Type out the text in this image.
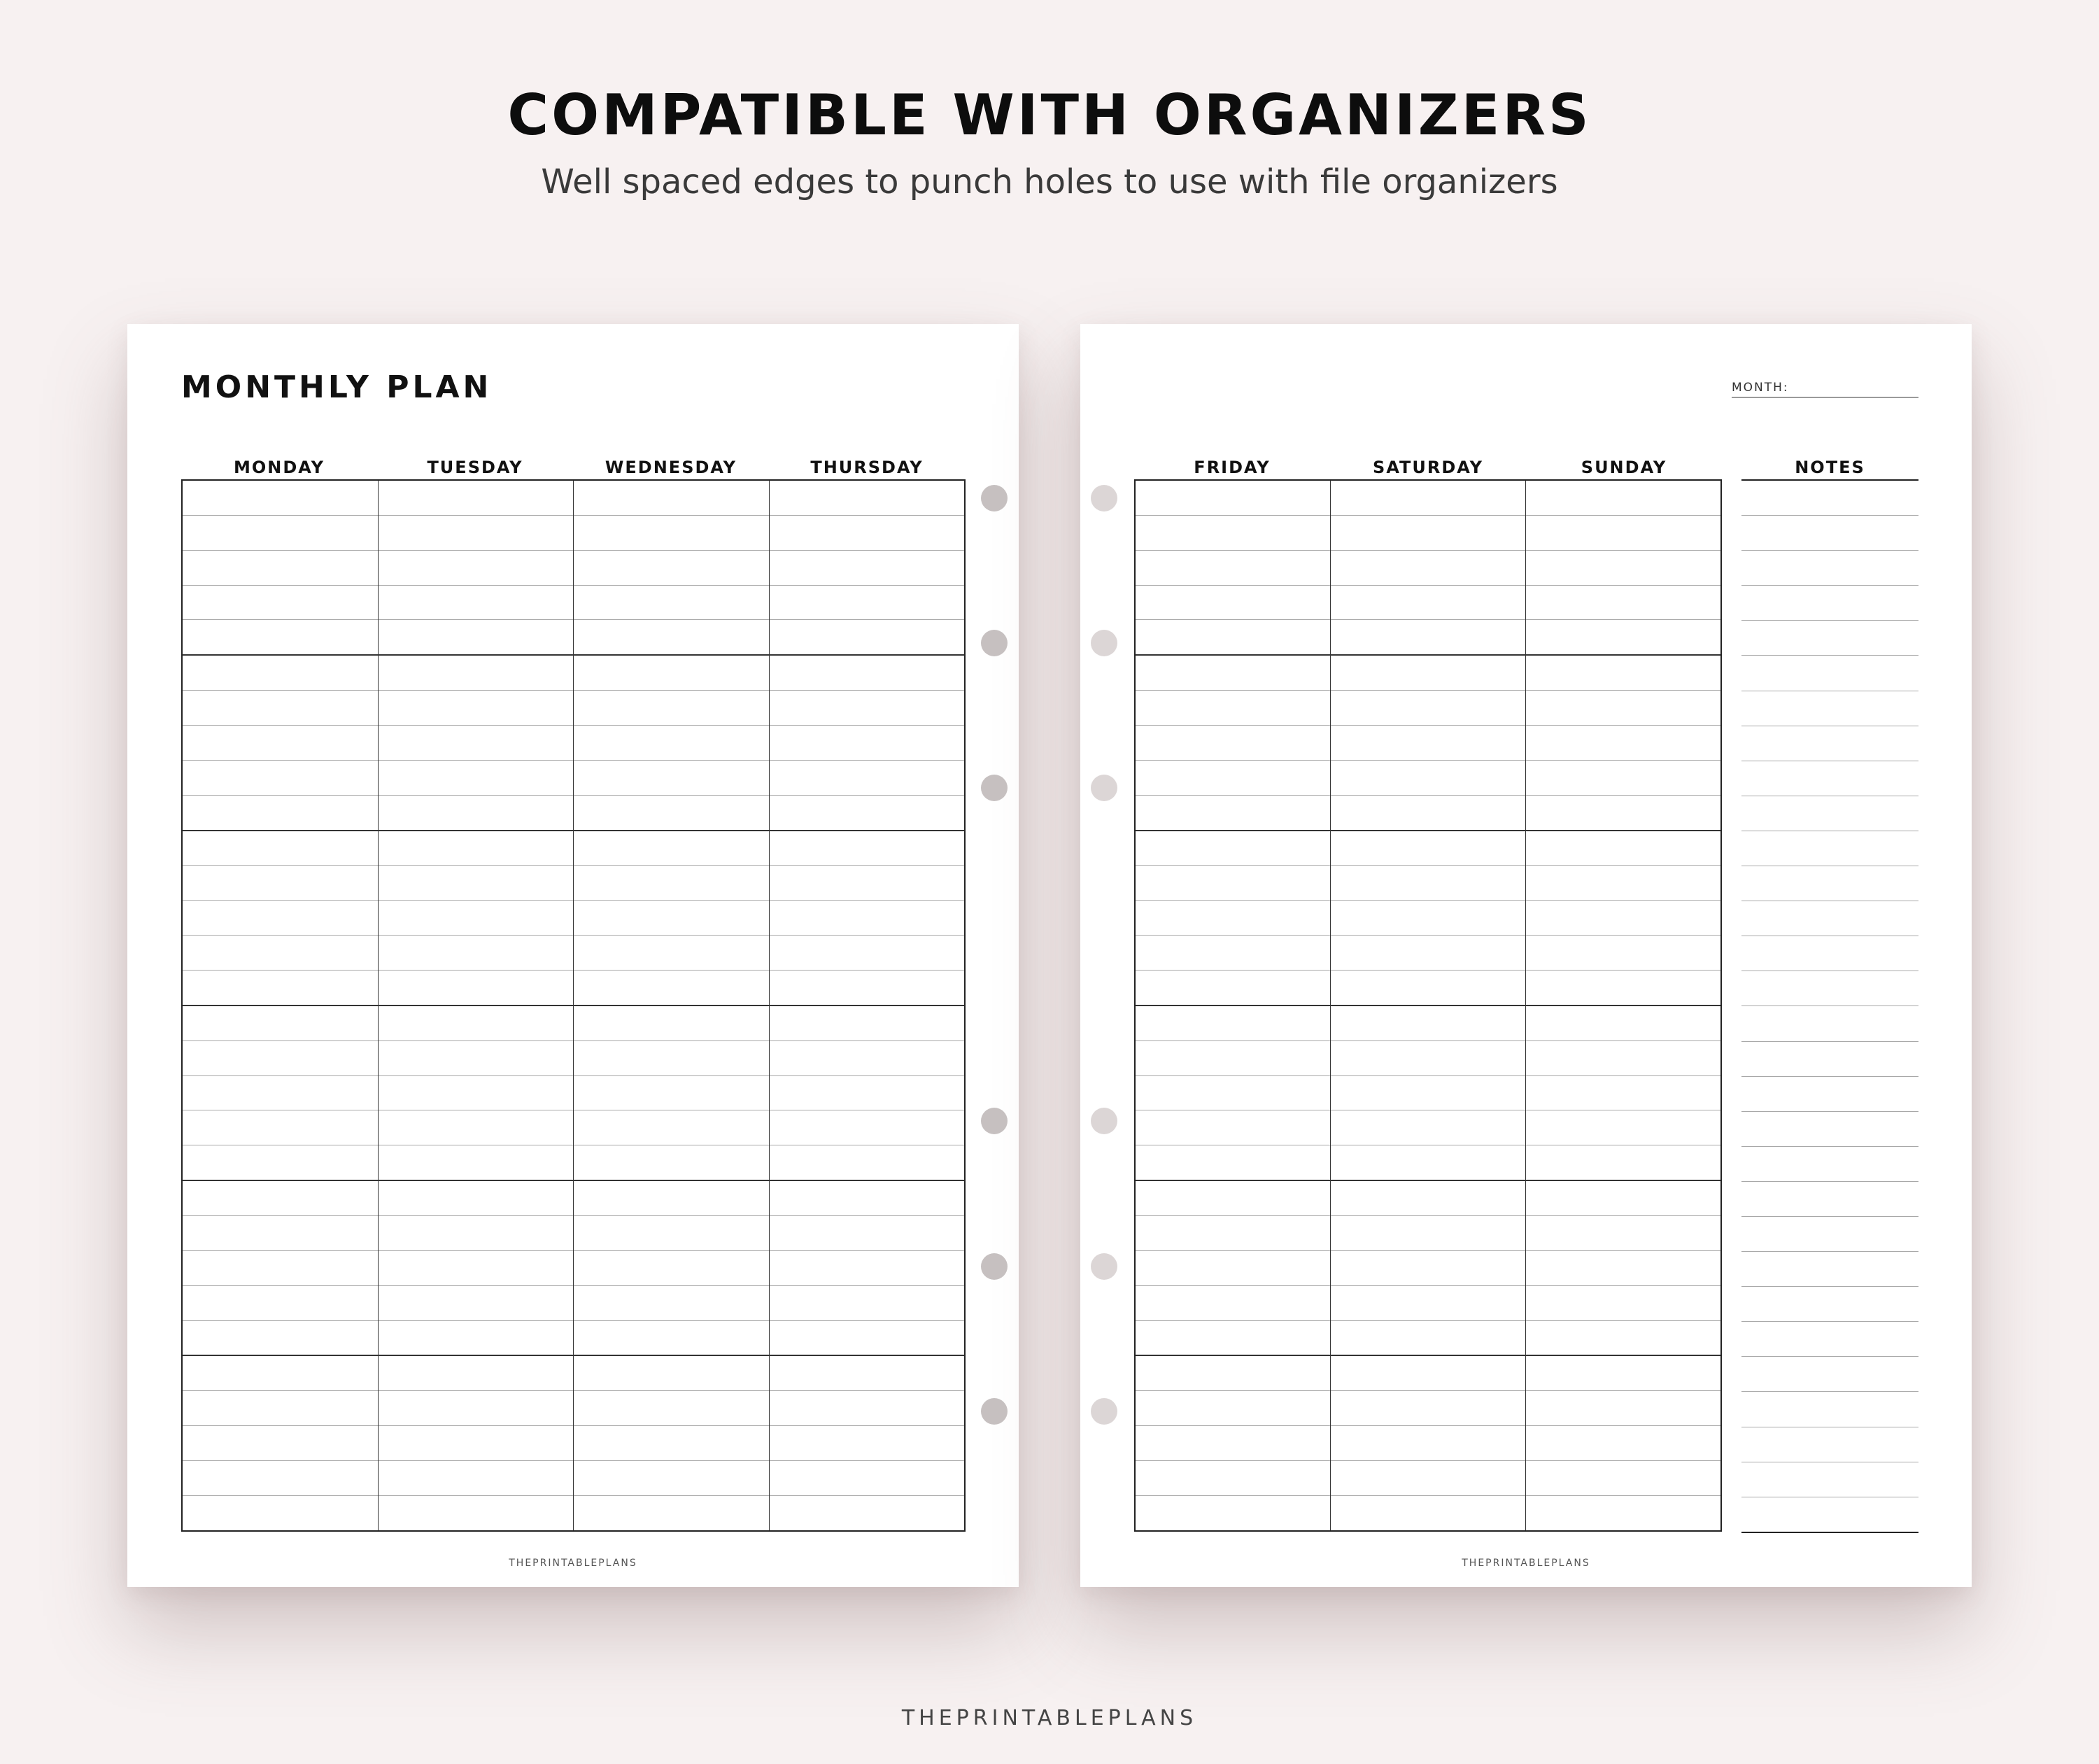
COMPATIBLE WITH ORGANIZERS
Well spaced edges to punch holes to use with file organizers
MONTHLY PLAN
MONDAY	TUESDAY	WEDNESDAY	THURSDAY
THEPRINTABLEPLANS
MONTH:
FRIDAY	SATURDAY	SUNDAY	NOTES
THEPRINTABLEPLANS
THEPRINTABLEPLANS
